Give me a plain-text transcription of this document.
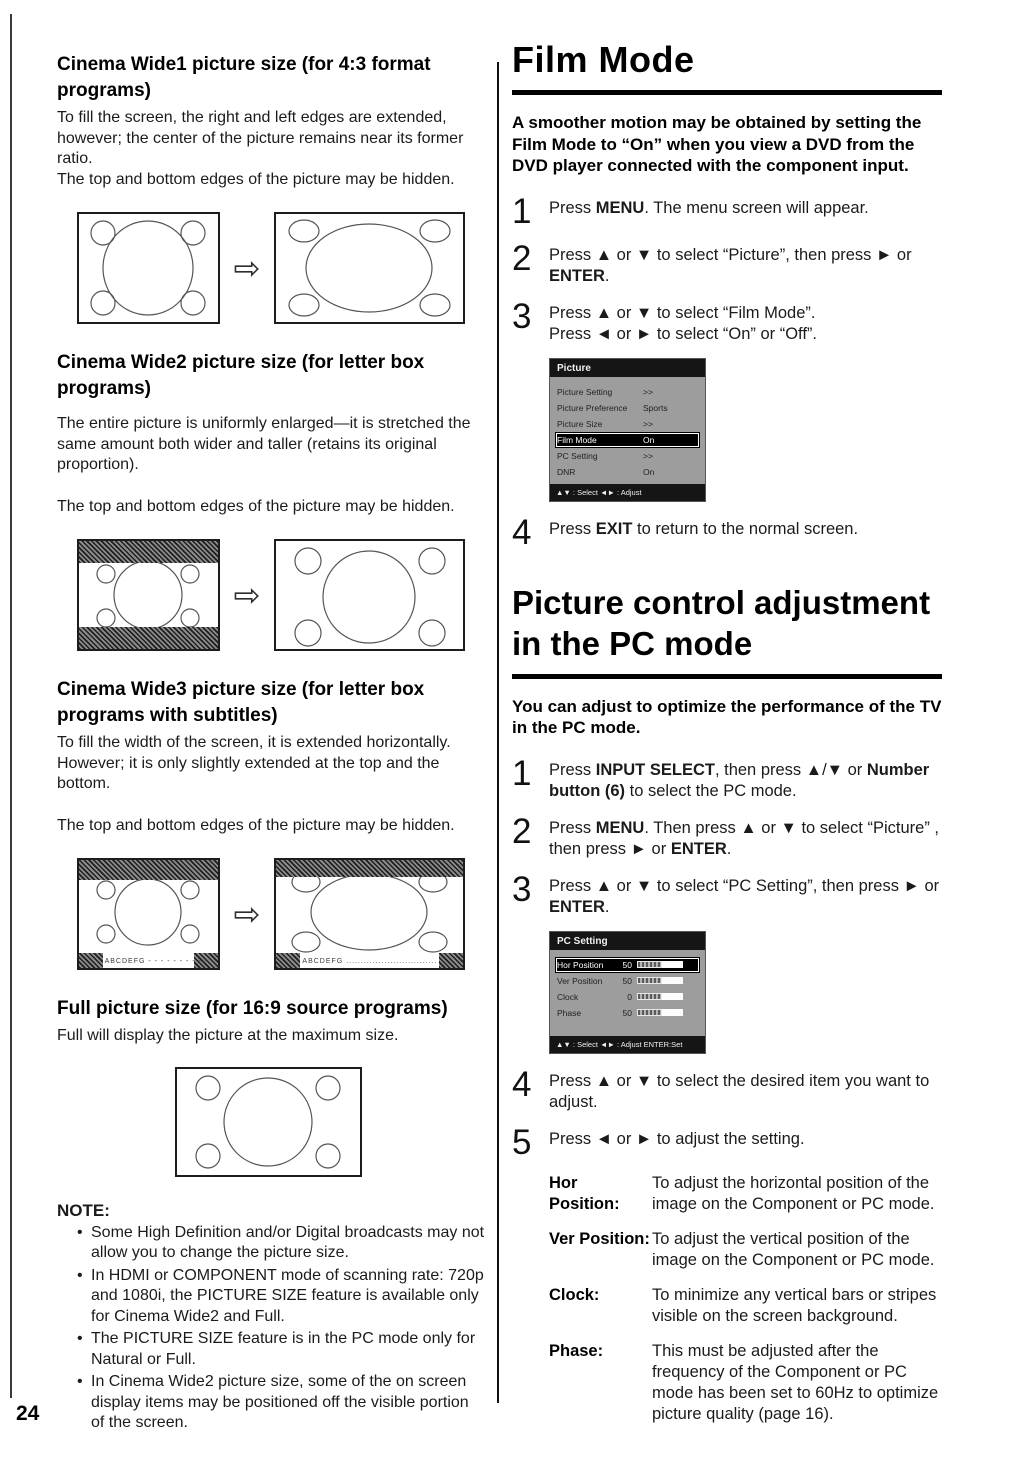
Cinema Wide1 picture size (for 4:3 format programs)

To fill the screen, the right and left edges are extended,

however; the center of the picture remains near its former ratio.

The top and bottom edges of the picture may be hidden.

⇨
Cinema Wide2 picture size (for letter box programs)

The entire picture is uniformly enlarged—it is stretched the same amount both wider and taller (retains its original proportion).

The top and bottom edges of the picture may be hidden.

⇨
Cinema Wide3 picture size (for letter box programs with subtitles)

To fill the width of the screen, it is extended horizontally. However; it is only slightly extended at the top and the bottom.

The top and bottom edges of the picture may be hidden.

ABCDEFG - - - - - - - - - - -
⇨
ABCDEFG ...............................
Full picture size (for 16:9 source programs)

Full will display the picture at the maximum size.

NOTE:
• Some High Definition and/or Digital broadcasts may not allow you to change the picture size.
• In HDMI or COMPONENT mode of scanning rate: 720p and 1080i, the PICTURE SIZE feature is available only for Cinema Wide2 and Full.
• The PICTURE SIZE feature is in the PC mode only for Natural or Full.
• In Cinema Wide2 picture size, some of the on screen display items may be positioned off the visible portion of the screen.
24
Film Mode

A smoother motion may be obtained by setting the Film Mode to “On” when you view a DVD from the DVD player connected with the component input.

1	Press MENU. The menu screen will appear.
2	Press ▲ or ▼ to select “Picture”, then press ► or ENTER.
3	Press ▲ or ▼ to select “Film Mode”.
Press ◄ or ► to select “On” or “Off”.
Picture
Picture Setting	>>
Picture Preference	Sports
Picture Size	>>
Film Mode	On
PC Setting	>>
DNR	On
▲▼ : Select ◄► : Adjust
4	Press EXIT to return to the normal screen.
Picture control adjustment in the PC mode

You can adjust to optimize the performance of the TV in the PC mode.

1	Press INPUT SELECT, then press ▲/▼ or Number button (6) to select the PC mode.
2	Press MENU. Then press ▲ or ▼ to select “Picture” , then press ► or ENTER.
3	Press ▲ or ▼ to select “PC Setting”, then press ► or ENTER.
PC Setting
Hor Position	50
Ver Position	50
Clock	0
Phase	50
▲▼ : Select ◄► : Adjust ENTER:Set
4	Press ▲ or ▼ to select the desired item you want to adjust.
5	Press ◄ or ► to adjust the setting.
Hor Position:
To adjust the horizontal position of the image on the Component or PC mode.
Ver Position: To adjust the vertical position of the image on the Component or PC mode.
Clock:	To minimize any vertical bars or stripes visible on the screen background.
Phase:	This must be adjusted after the frequency of the Component or PC mode has been set to 60Hz to optimize picture quality (page 16).
